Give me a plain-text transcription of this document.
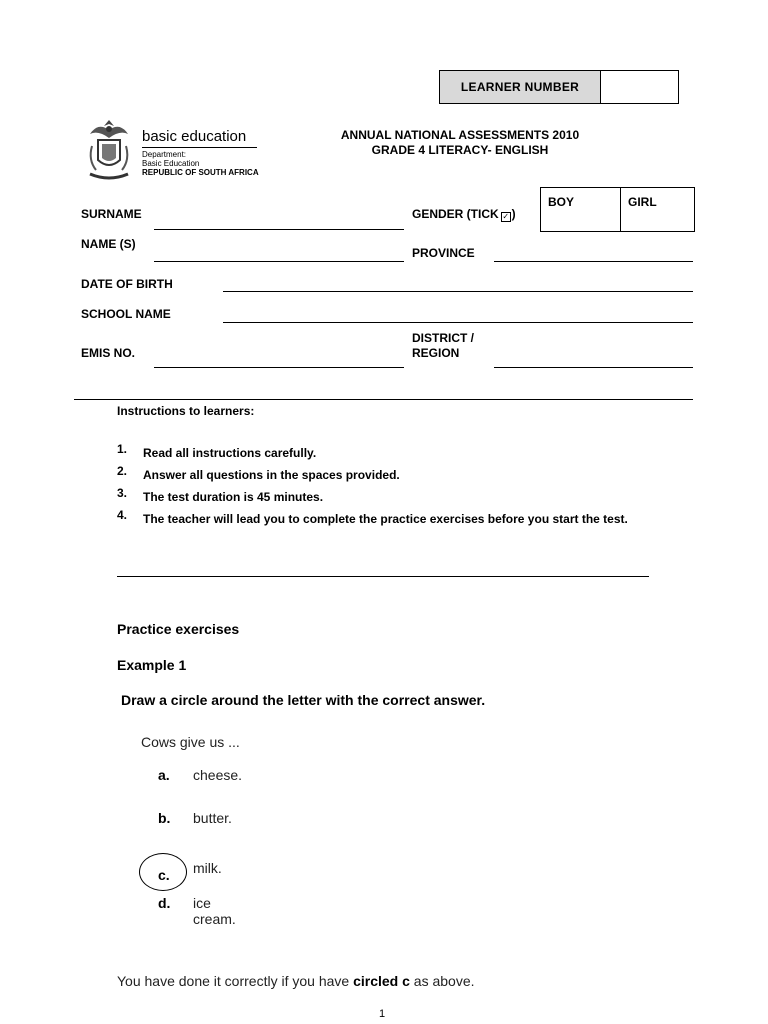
LEARNER NUMBER
basic education
Department:
Basic Education
REPUBLIC OF SOUTH AFRICA
ANNUAL NATIONAL ASSESSMENTS 2010
GRADE 4 LITERACY- ENGLISH
SURNAME	GENDER (TICK ✓ )
BOY	GIRL
NAME (S)
PROVINCE
DATE OF BIRTH
SCHOOL NAME
EMIS NO.
DISTRICT /
REGION
Instructions to learners:
1. Read all instructions carefully.
2. Answer all questions in the spaces provided.
3. The test duration is 45 minutes.
4. The teacher will lead you to complete the practice exercises before you start the test.
Practice exercises
Example 1
Draw a circle around the letter with the correct answer.
Cows give us ...
a. cheese.
b. butter.
c. milk.
d. ice cream.
You have done it correctly if you have circled c as above.
1
